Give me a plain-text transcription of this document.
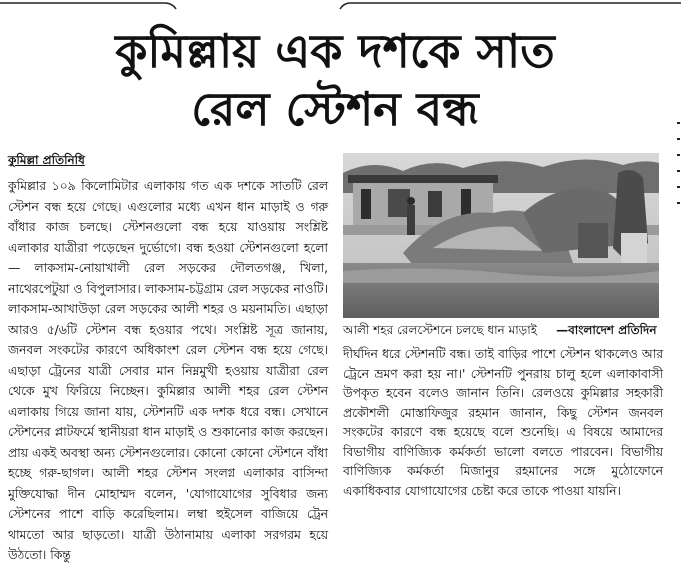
কুমিল্লায় এক দশকে সাত
রেল স্টেশন বন্ধ
কুমিল্লা প্রতিনিধি
কুমিল্লার ১০৯ কিলোমিটার এলাকায় গত এক দশকে সাতটি রেল স্টেশন বন্ধ হয়ে গেছে। এগুলোর মধ্যে এখন ধান মাড়াই ও গরু বাঁধার কাজ চলছে। স্টেশনগুলো বন্ধ হয়ে যাওয়ায় সংশ্লিষ্ট এলাকার যাত্রীরা পড়েছেন দুর্ভোগে। বন্ধ হওয়া স্টেশনগুলো হলো— লাকসাম-নোয়াখালী রেল সড়কের দৌলতগঞ্জ, খিলা, নাথেরপেটুয়া ও বিপুলাসার। লাকসাম-চট্টগ্রাম রেল সড়কের নাওটি। লাকসাম-আখাউড়া রেল সড়কের আলী শহর ও ময়নামতি। এছাড়া আরও ৫/৬টি স্টেশন বন্ধ হওয়ার পথে। সংশ্লিষ্ট সূত্র জানায়, জনবল সংকটের কারণে অধিকাংশ রেল স্টেশন বন্ধ হয়ে গেছে। এছাড়া ট্রেনের যাত্রী সেবার মান নিম্নমুখী হওয়ায় যাত্রীরা রেল থেকে মুখ ফিরিয়ে নিচ্ছেন। কুমিল্লার আলী শহর রেল স্টেশন এলাকায় গিয়ে জানা যায়, স্টেশনটি এক দশক ধরে বন্ধ। সেখানে স্টেশনের প্লাটফর্মে স্থানীয়রা ধান মাড়াই ও শুকানোর কাজ করছেন। প্রায় একই অবস্থা অন্য স্টেশনগুলোর। কোনো কোনো স্টেশনে বাঁধা হচ্ছে গরু-ছাগল। আলী শহর স্টেশন সংলগ্ন এলাকার বাসিন্দা মুক্তিযোদ্ধা দীন মোহাম্মদ বলেন, 'যোগাযোগের সুবিধার জন্য স্টেশনের পাশে বাড়ি করেছিলাম। লম্বা হুইসেল বাজিয়ে ট্রেন থামতো আর ছাড়তো। যাত্রী উঠানামায় এলাকা সরগরম হয়ে উঠতো। কিন্তু
আলী শহর রেলস্টেশনে চলছে ধান মাড়াই —বাংলাদেশ প্রতিদিন
দীর্ঘদিন ধরে স্টেশনটি বন্ধ। তাই বাড়ির পাশে স্টেশন থাকলেও আর ট্রেনে ভ্রমণ করা হয় না।' স্টেশনটি পুনরায় চালু হলে এলাকাবাসী উপকৃত হবেন বলেও জানান তিনি। রেলওয়ে কুমিল্লার সহকারী প্রকৌশলী মোস্তাফিজুর রহমান জানান, কিছু স্টেশন জনবল সংকটের কারণে বন্ধ হয়েছে বলে শুনেছি। এ বিষয়ে আমাদের বিভাগীয় বাণিজ্যিক কর্মকর্তা ভালো বলতে পারবেন। বিভাগীয় বাণিজ্যিক কর্মকর্তা মিজানুর রহমানের সঙ্গে মুঠোফোনে একাধিকবার যোগাযোগের চেষ্টা করে তাকে পাওয়া যায়নি।
